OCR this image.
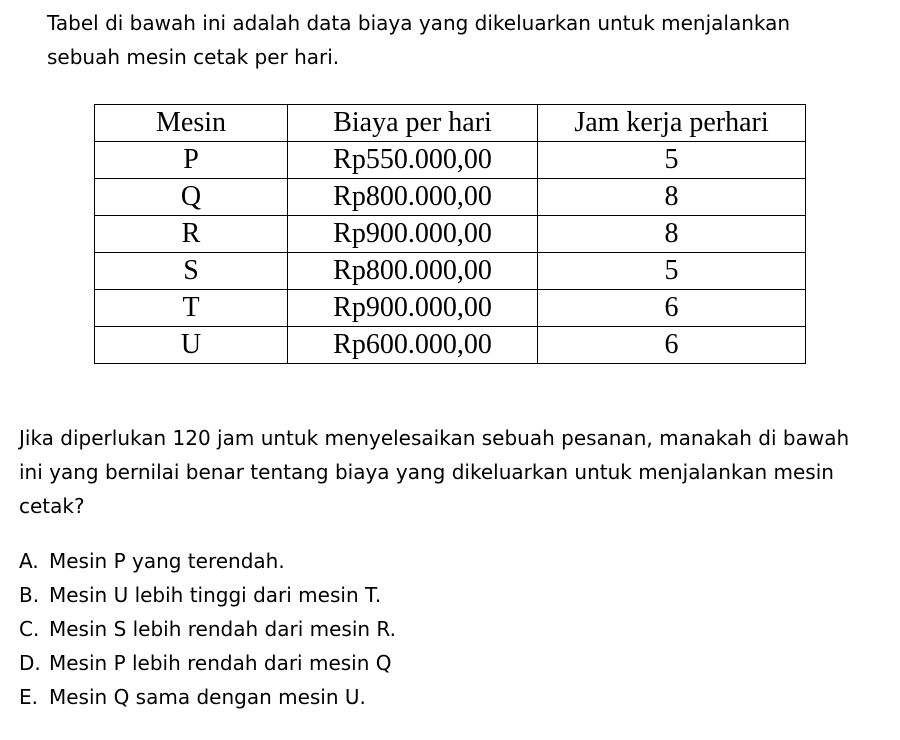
Tabel di bawah ini adalah data biaya yang dikeluarkan untuk menjalankan sebuah mesin cetak per hari.

Mesin	Biaya per hari	Jam kerja perhari
P	Rp550.000,00	5
Q	Rp800.000,00	8
R	Rp900.000,00	8
S	Rp800.000,00	5
T	Rp900.000,00	6
U	Rp600.000,00	6

Jika diperlukan 120 jam untuk menyelesaikan sebuah pesanan, manakah di bawah ini yang bernilai benar tentang biaya yang dikeluarkan untuk menjalankan mesin cetak?

A. Mesin P yang terendah.
B. Mesin U lebih tinggi dari mesin T.
C. Mesin S lebih rendah dari mesin R.
D. Mesin P lebih rendah dari mesin Q
E. Mesin Q sama dengan mesin U.
